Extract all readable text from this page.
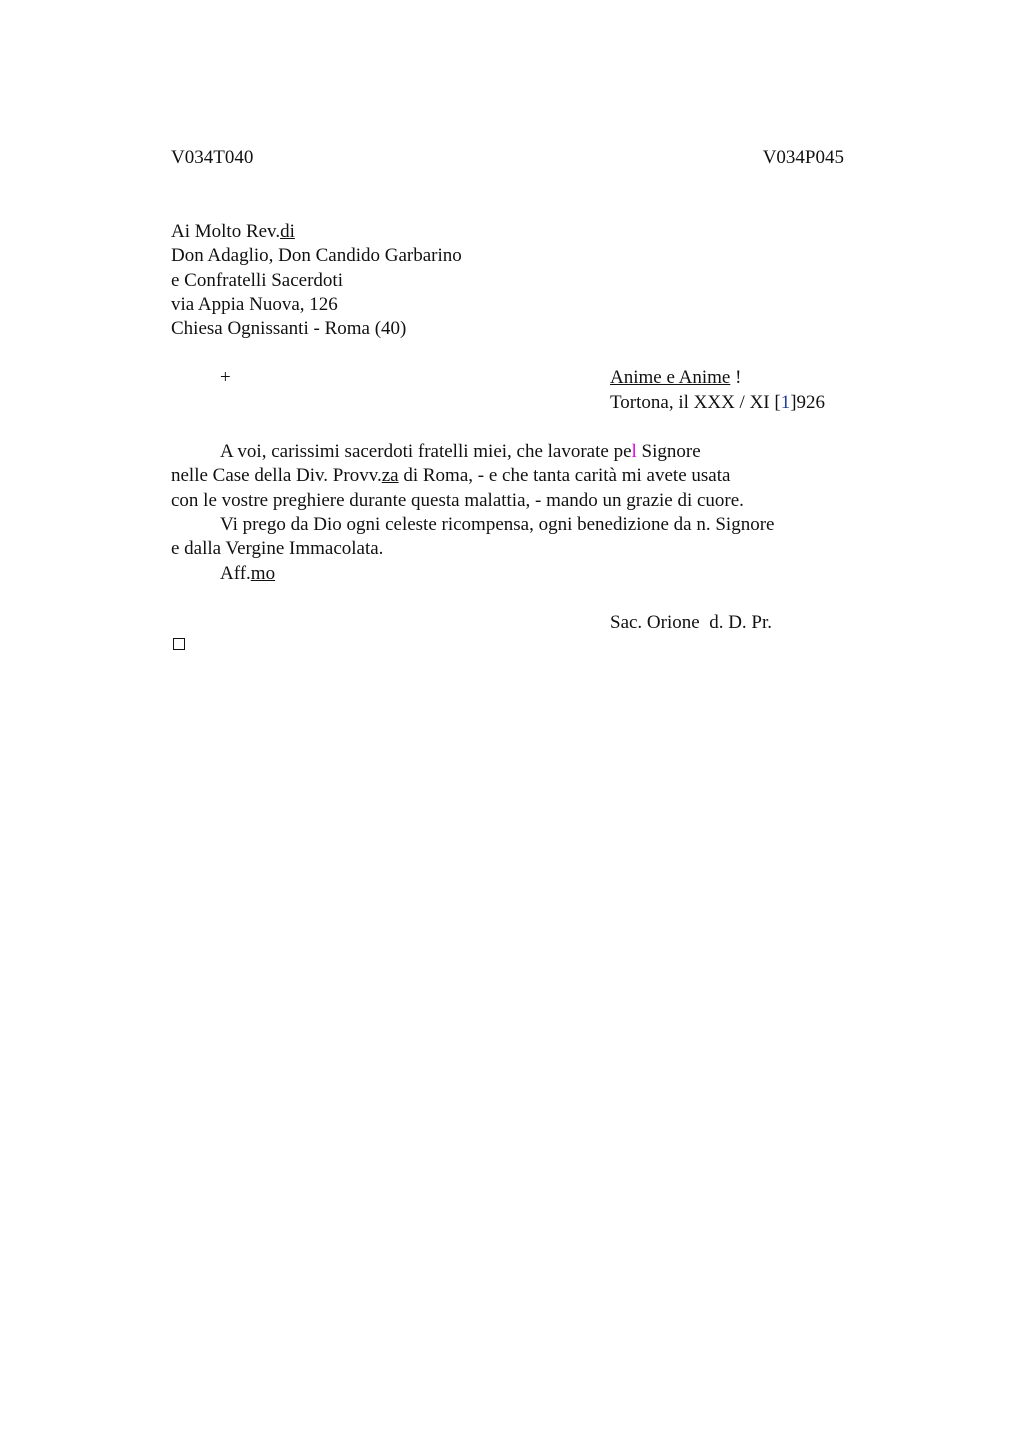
V034T040	V034P045
Ai Molto Rev.di
Don Adaglio, Don Candido Garbarino
e Confratelli Sacerdoti
via Appia Nuova, 126
Chiesa Ognissanti - Roma (40)
+	Anime e Anime !
Tortona, il XXX / XI [1]926
A voi, carissimi sacerdoti fratelli miei, che lavorate pel Signore
nelle Case della Div. Provv.za di Roma, - e che tanta carità mi avete usata
con le vostre preghiere durante questa malattia, - mando un grazie di cuore.
Vi prego da Dio ogni celeste ricompensa, ogni benedizione da n. Signore
e dalla Vergine Immacolata.
Aff.mo
Sac. Orione  d. D. Pr.
